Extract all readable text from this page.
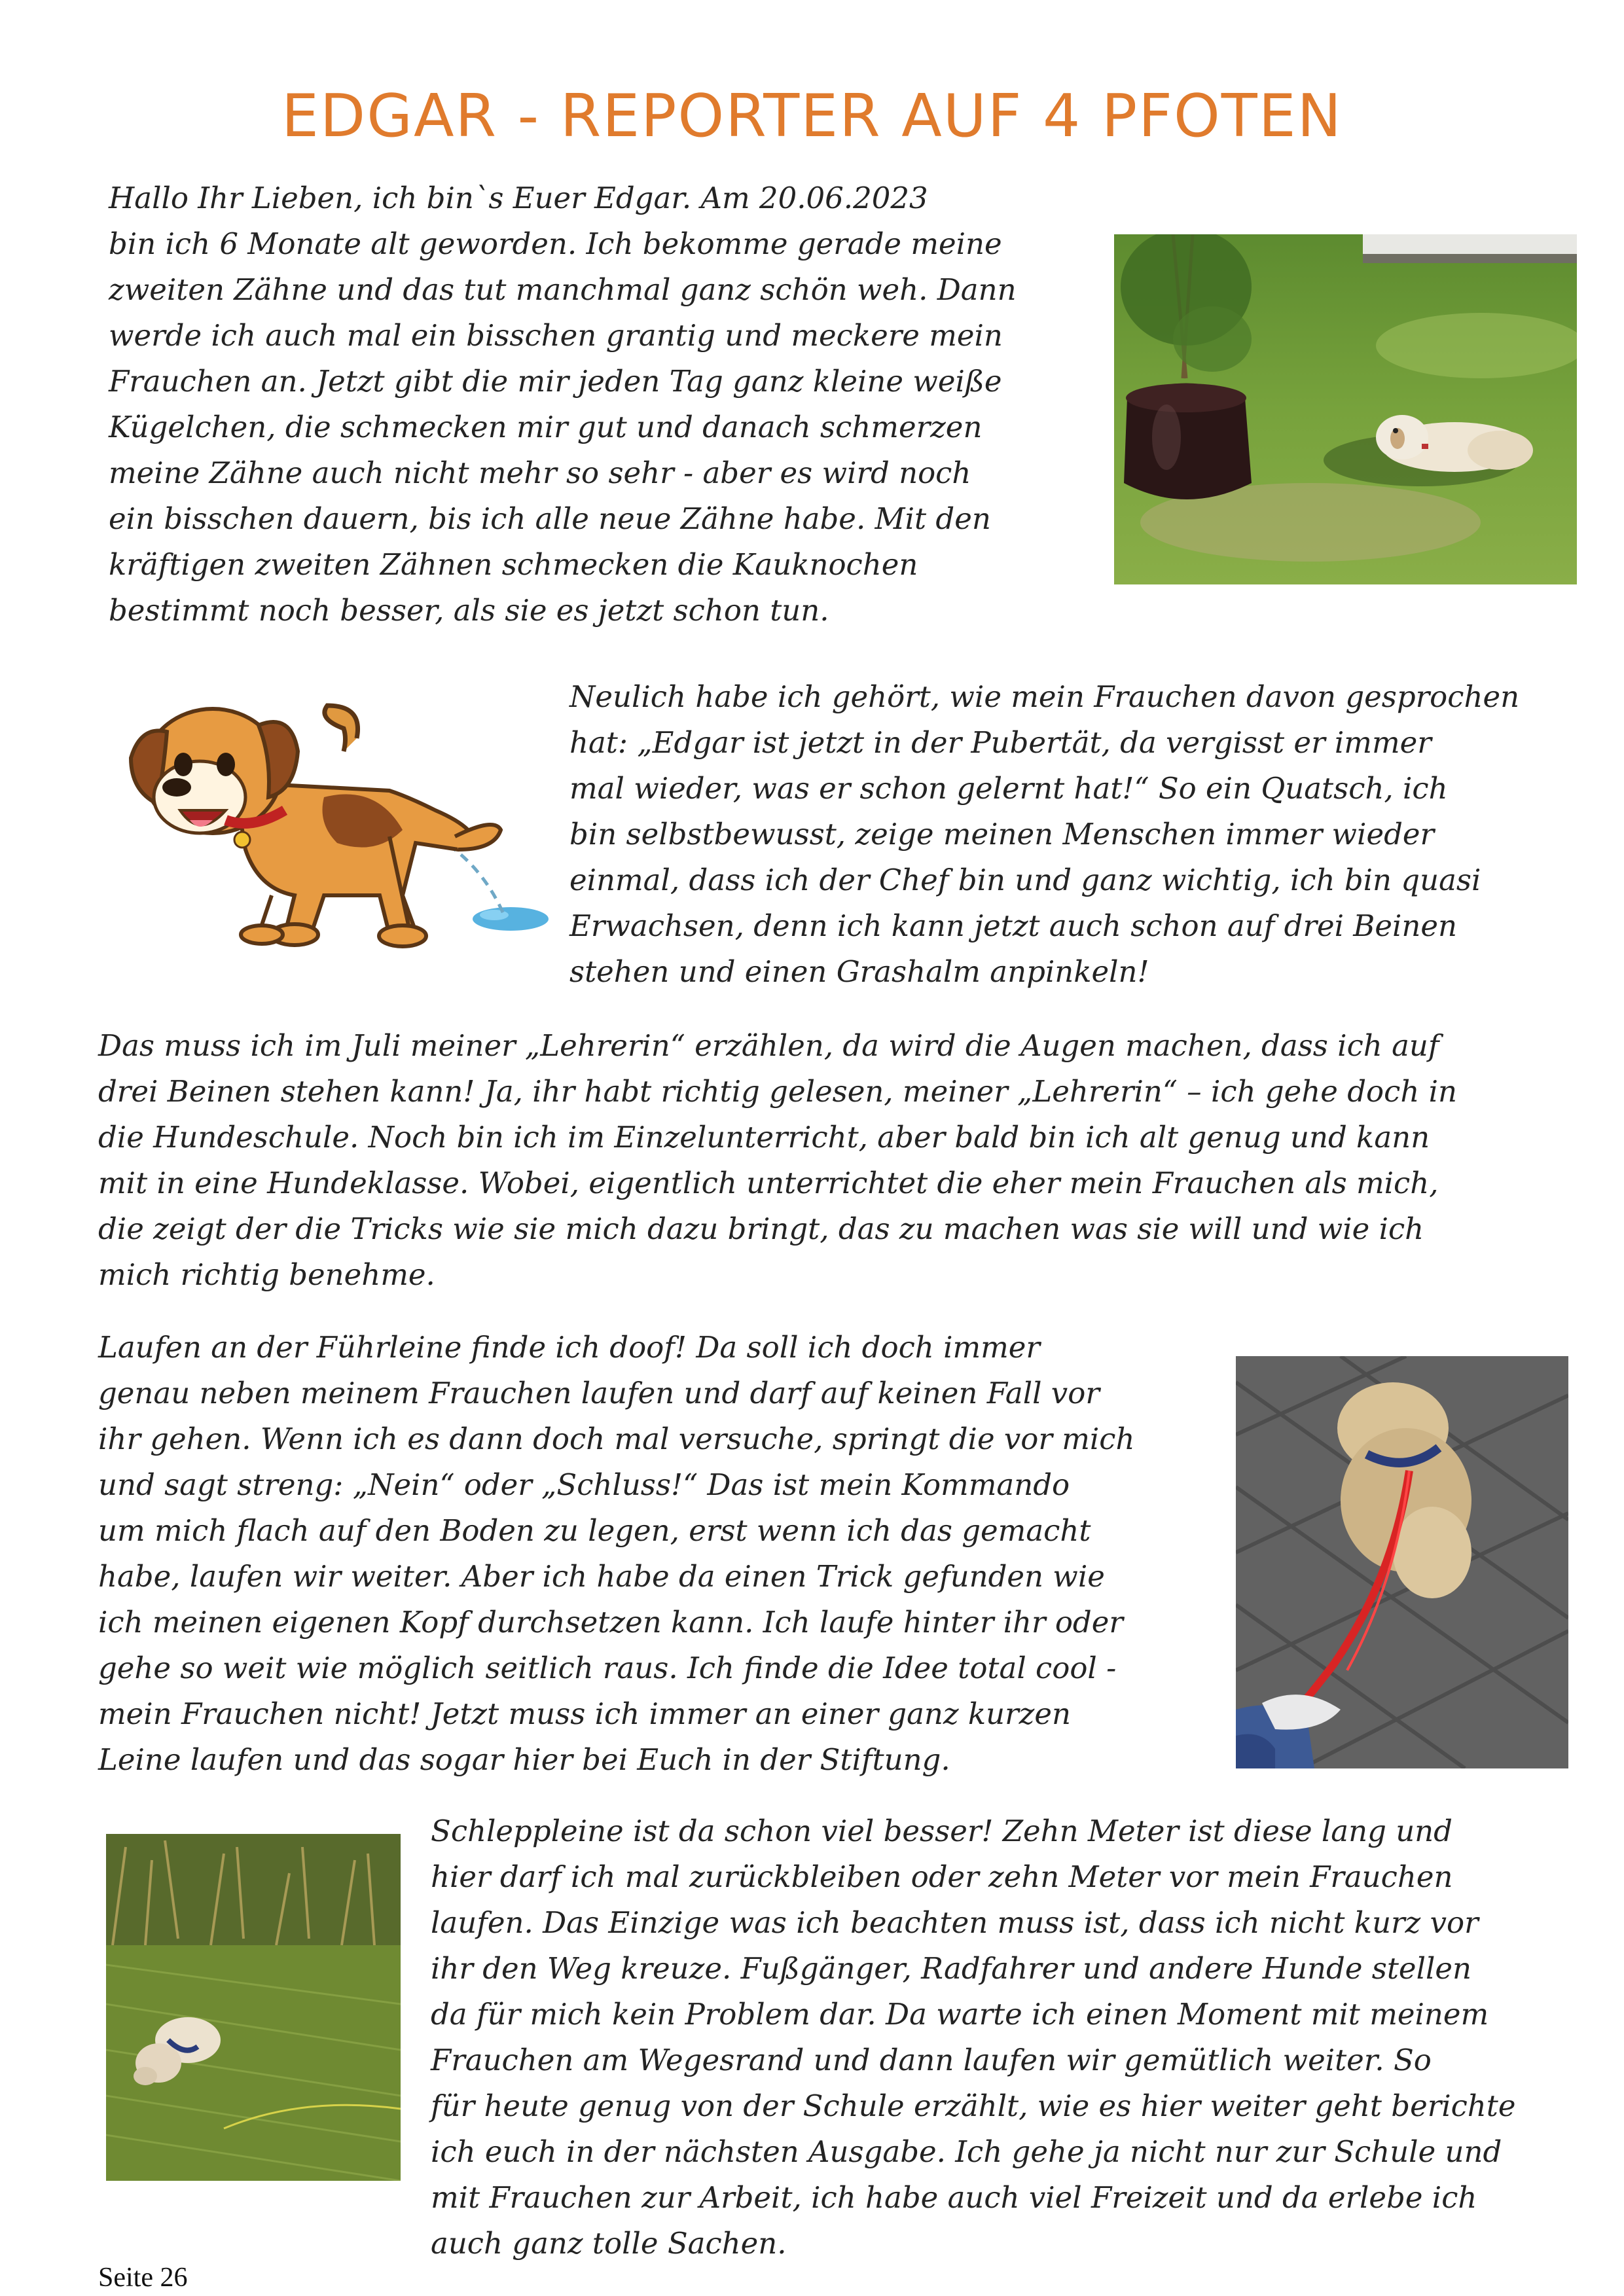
EDGAR - REPORTER AUF 4 PFOTEN
Hallo Ihr Lieben, ich bin`s Euer Edgar. Am 20.06.2023
bin ich 6 Monate alt geworden. Ich bekomme gerade meine
zweiten Zähne und das tut manchmal ganz schön weh. Dann
werde ich auch mal ein bisschen grantig und meckere mein
Frauchen an. Jetzt gibt die mir jeden Tag ganz kleine weiße
Kügelchen, die schmecken mir gut und danach schmerzen
meine Zähne auch nicht mehr so sehr - aber es wird noch
ein bisschen dauern, bis ich alle neue Zähne habe. Mit den
kräftigen zweiten Zähnen schmecken die Kauknochen
bestimmt noch besser, als sie es jetzt schon tun.
Neulich habe ich gehört, wie mein Frauchen davon gesprochen
hat: „Edgar ist jetzt in der Pubertät, da vergisst er immer
mal wieder, was er schon gelernt hat!“ So ein Quatsch, ich
bin selbstbewusst, zeige meinen Menschen immer wieder
einmal, dass ich der Chef bin und ganz wichtig, ich bin quasi
Erwachsen, denn ich kann jetzt auch schon auf drei Beinen
stehen und einen Grashalm anpinkeln!
Das muss ich im Juli meiner „Lehrerin“ erzählen, da wird die Augen machen, dass ich auf
drei Beinen stehen kann! Ja, ihr habt richtig gelesen, meiner „Lehrerin“ – ich gehe doch in
die Hundeschule. Noch bin ich im Einzelunterricht, aber bald bin ich alt genug und kann
mit in eine Hundeklasse. Wobei, eigentlich unterrichtet die eher mein Frauchen als mich,
die zeigt der die Tricks wie sie mich dazu bringt, das zu machen was sie will und wie ich
mich richtig benehme.
Laufen an der Führleine finde ich doof! Da soll ich doch immer
genau neben meinem Frauchen laufen und darf auf keinen Fall vor
ihr gehen. Wenn ich es dann doch mal versuche, springt die vor mich
und sagt streng: „Nein“ oder „Schluss!“ Das ist mein Kommando
um mich flach auf den Boden zu legen, erst wenn ich das gemacht
habe, laufen wir weiter. Aber ich habe da einen Trick gefunden wie
ich meinen eigenen Kopf durchsetzen kann. Ich laufe hinter ihr oder
gehe so weit wie möglich seitlich raus. Ich finde die Idee total cool -
mein Frauchen nicht! Jetzt muss ich immer an einer ganz kurzen
Leine laufen und das sogar hier bei Euch in der Stiftung.
Schleppleine ist da schon viel besser! Zehn Meter ist diese lang und
hier darf ich mal zurückbleiben oder zehn Meter vor mein Frauchen
laufen. Das Einzige was ich beachten muss ist, dass ich nicht kurz vor
ihr den Weg kreuze. Fußgänger, Radfahrer und andere Hunde stellen
da für mich kein Problem dar. Da warte ich einen Moment mit meinem
Frauchen am Wegesrand und dann laufen wir gemütlich weiter. So
für heute genug von der Schule erzählt, wie es hier weiter geht berichte
ich euch in der nächsten Ausgabe. Ich gehe ja nicht nur zur Schule und
mit Frauchen zur Arbeit, ich habe auch viel Freizeit und da erlebe ich
auch ganz tolle Sachen.
Seite 26
